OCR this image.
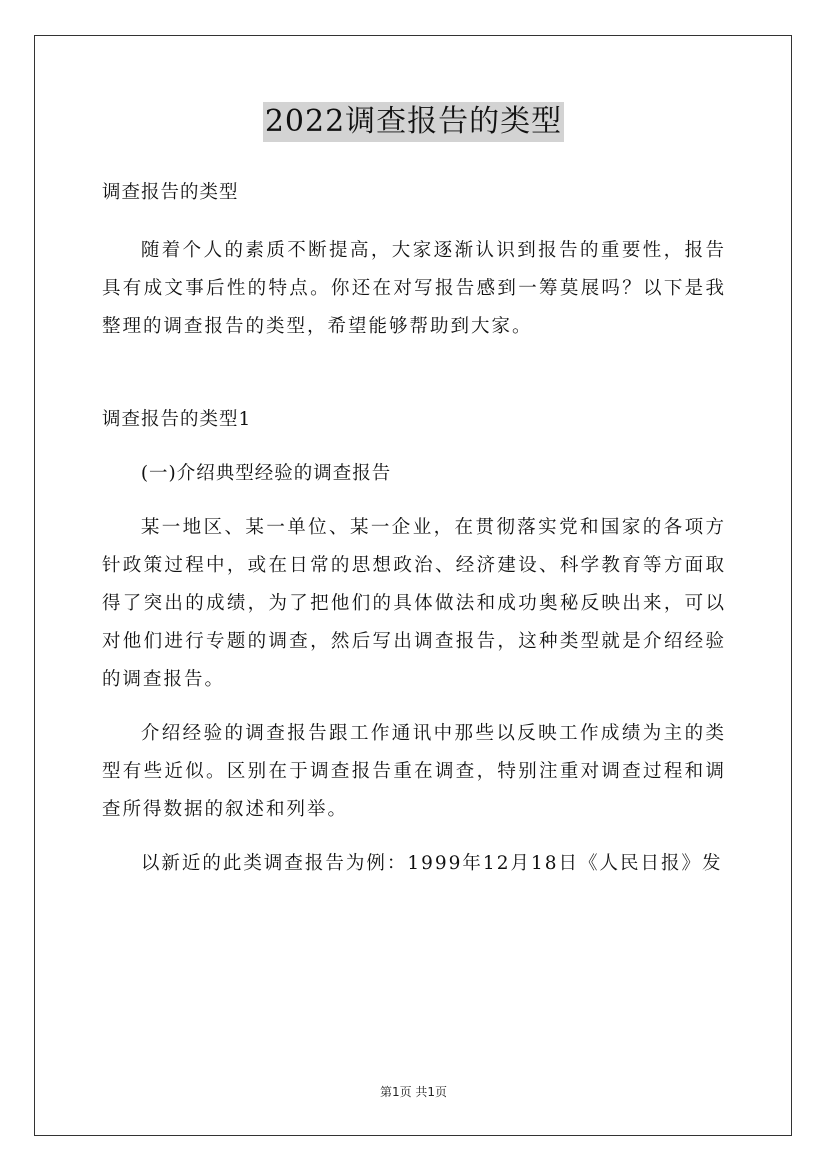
2022调查报告的类型

调查报告的类型

随着个人的素质不断提高，大家逐渐认识到报告的重要性，报告具有成文事后性的特点。你还在对写报告感到一筹莫展吗？以下是我整理的调查报告的类型，希望能够帮助到大家。

调查报告的类型1

(一)介绍典型经验的调查报告

某一地区、某一单位、某一企业，在贯彻落实党和国家的各项方针政策过程中，或在日常的思想政治、经济建设、科学教育等方面取得了突出的成绩，为了把他们的具体做法和成功奥秘反映出来，可以对他们进行专题的调查，然后写出调查报告，这种类型就是介绍经验的调查报告。

介绍经验的调查报告跟工作通讯中那些以反映工作成绩为主的类型有些近似。区别在于调查报告重在调查，特别注重对调查过程和调查所得数据的叙述和列举。

以新近的此类调查报告为例：1999年12月18日《人民日报》发

第1页 共1页
